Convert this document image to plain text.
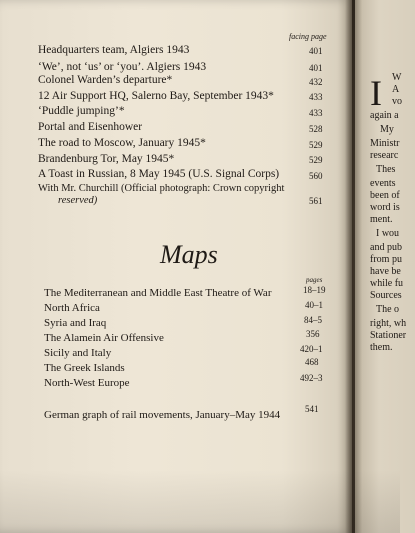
facing page
Headquarters team, Algiers 1943	401
‘We’, not ‘us’ or ‘you’. Algiers 1943	401
Colonel Warden’s departure*	432
12 Air Support HQ, Salerno Bay, September 1943*	433
‘Puddle jumping’*	433
Portal and Eisenhower	528
The road to Moscow, January 1945*	529
Brandenburg Tor, May 1945*	529
A Toast in Russian, 8 May 1945 (U.S. Signal Corps)	560
With Mr. Churchill (Official photograph: Crown copyright
reserved)	561
Maps
pages
The Mediterranean and Middle East Theatre of War	18–19
North Africa	40–1
Syria and Iraq	84–5
The Alamein Air Offensive	356
Sicily and Italy	420–1
The Greek Islands	468
North-West Europe	492–3
German graph of rail movements, January–May 1944	541
I W
A
vo
again a
My
Ministr
researc
Thes
events
been of
word is
ment.
I wou
and pub
from pu
have be
while fu
Sources
The o
right, wh
Stationer
them.
